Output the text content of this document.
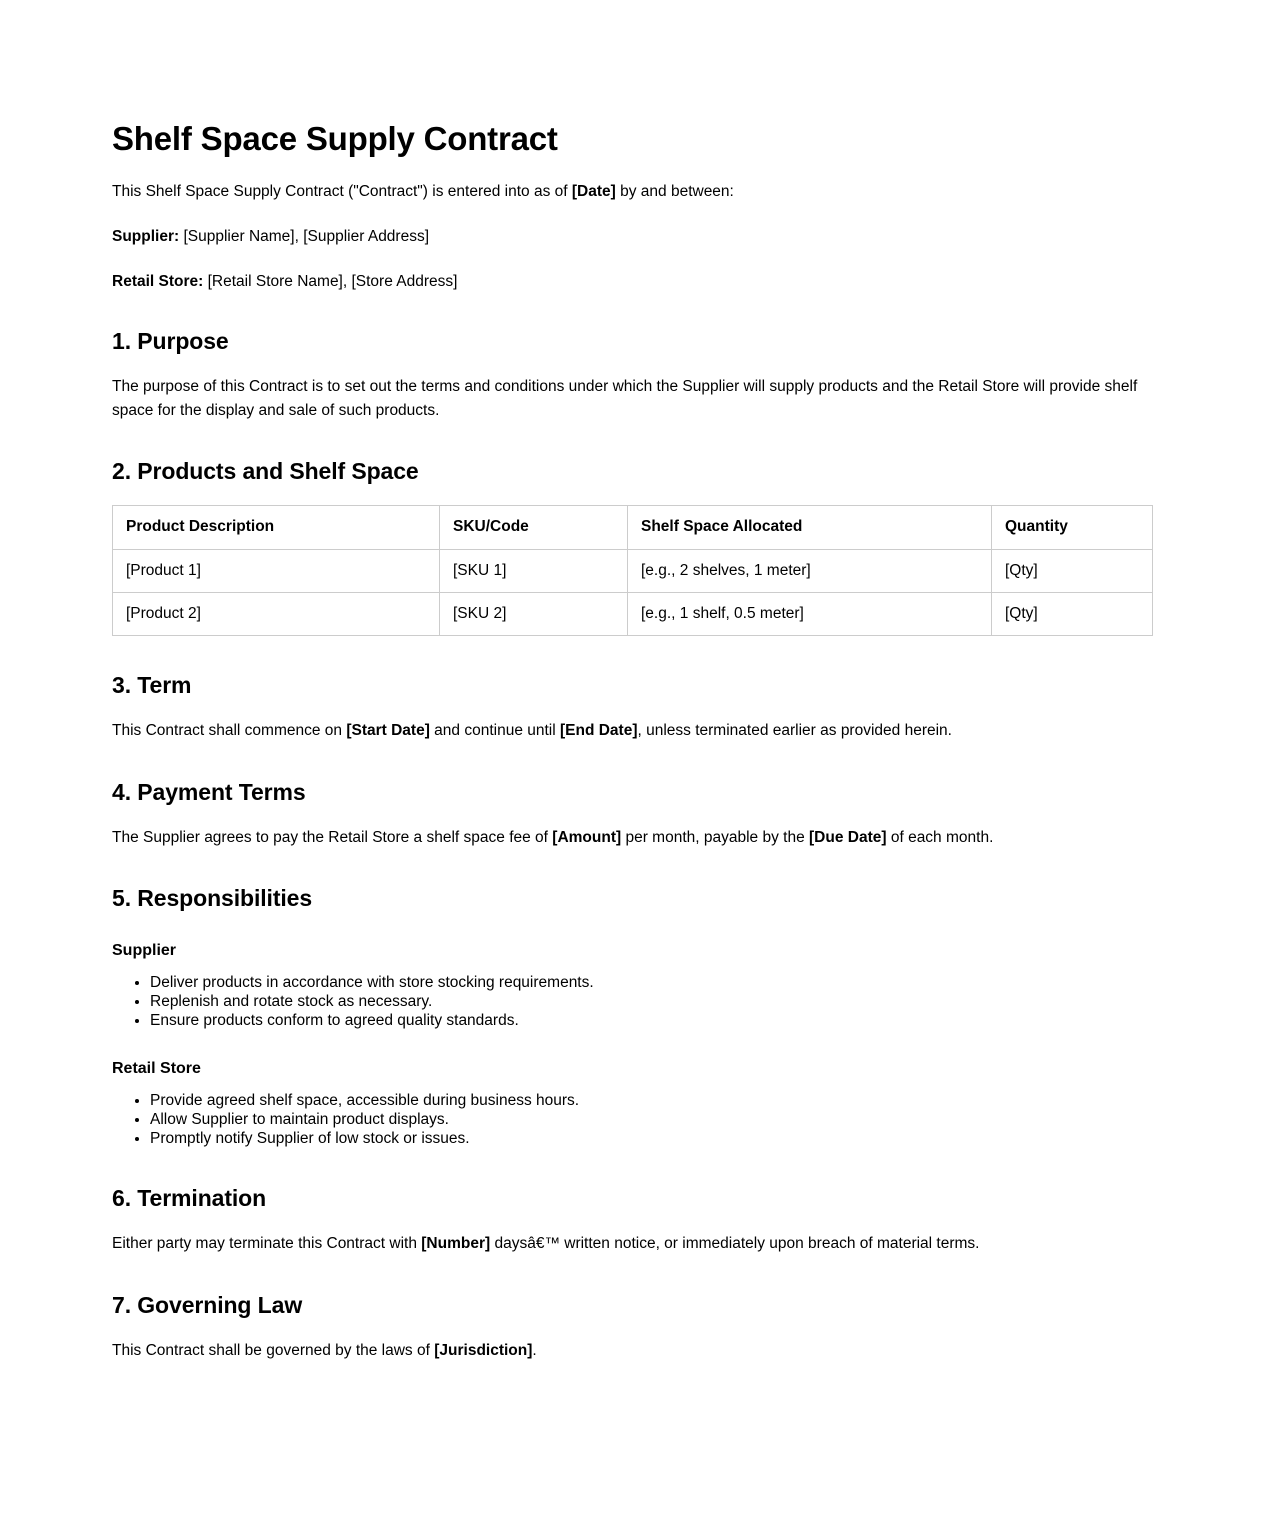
Shelf Space Supply Contract

This Shelf Space Supply Contract ("Contract") is entered into as of [Date] by and between:

Supplier: [Supplier Name], [Supplier Address]

Retail Store: [Retail Store Name], [Store Address]

1. Purpose

The purpose of this Contract is to set out the terms and conditions under which the Supplier will supply products and the Retail Store will provide shelf space for the display and sale of such products.

2. Products and Shelf Space
Product Description	SKU/Code	Shelf Space Allocated	Quantity
[Product 1]	[SKU 1]	[e.g., 2 shelves, 1 meter]	[Qty]
[Product 2]	[SKU 2]	[e.g., 1 shelf, 0.5 meter]	[Qty]
3. Term

This Contract shall commence on [Start Date] and continue until [End Date], unless terminated earlier as provided herein.

4. Payment Terms

The Supplier agrees to pay the Retail Store a shelf space fee of [Amount] per month, payable by the [Due Date] of each month.

5. Responsibilities
Supplier
• Deliver products in accordance with store stocking requirements.
• Replenish and rotate stock as necessary.
• Ensure products conform to agreed quality standards.
Retail Store
• Provide agreed shelf space, accessible during business hours.
• Allow Supplier to maintain product displays.
• Promptly notify Supplier of low stock or issues.
6. Termination

Either party may terminate this Contract with [Number] daysâ€™ written notice, or immediately upon breach of material terms.

7. Governing Law

This Contract shall be governed by the laws of [Jurisdiction].
